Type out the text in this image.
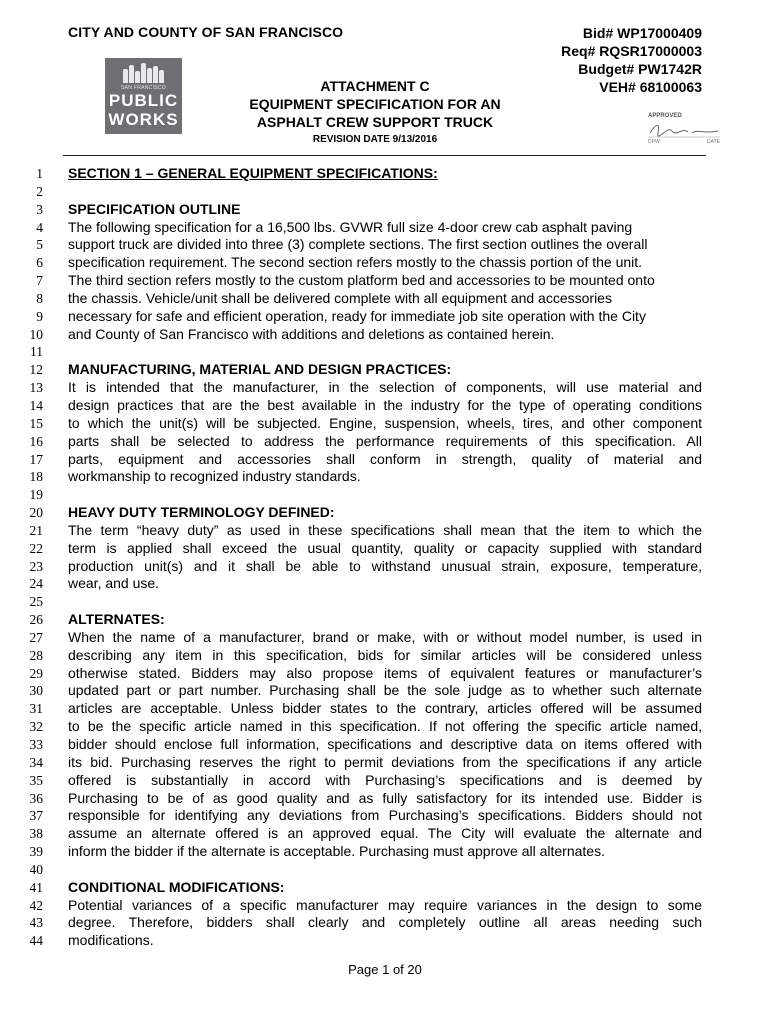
CITY AND COUNTY OF SAN FRANCISCO	Bid# WP17000409
Req# RQSR17000003
Budget# PW1742R
VEH# 68100063
SAN FRANCISCO
PUBLIC
WORKS
ATTACHMENT C
EQUIPMENT SPECIFICATION FOR AN
ASPHALT CREW SUPPORT TRUCK
REVISION DATE 9/13/2016
APPROVED
DPW	DATE
1
2
3
4
5
6
7
8
9
10
11
12
13
14
15
16
17
18
19
20
21
22
23
24
25
26
27
28
29
30
31
32
33
34
35
36
37
38
39
40
41
42
43
44
SECTION 1 – GENERAL EQUIPMENT SPECIFICATIONS:
SPECIFICATION OUTLINE
The following specification for a 16,500 lbs. GVWR full size 4-door crew cab asphalt paving
support truck are divided into three (3) complete sections. The first section outlines the overall
specification requirement. The second section refers mostly to the chassis portion of the unit.
The third section refers mostly to the custom platform bed and accessories to be mounted onto
the chassis. Vehicle/unit shall be delivered complete with all equipment and accessories
necessary for safe and efficient operation, ready for immediate job site operation with the City
and County of San Francisco with additions and deletions as contained herein.
MANUFACTURING, MATERIAL AND DESIGN PRACTICES:
It is intended that the manufacturer, in the selection of components, will use material and
design practices that are the best available in the industry for the type of operating conditions
to which the unit(s) will be subjected. Engine, suspension, wheels, tires, and other component
parts shall be selected to address the performance requirements of this specification. All
parts, equipment and accessories shall conform in strength, quality of material and
workmanship to recognized industry standards.
HEAVY DUTY TERMINOLOGY DEFINED:
The term “heavy duty” as used in these specifications shall mean that the item to which the
term is applied shall exceed the usual quantity, quality or capacity supplied with standard
production unit(s) and it shall be able to withstand unusual strain, exposure, temperature,
wear, and use.
ALTERNATES:
When the name of a manufacturer, brand or make, with or without model number, is used in
describing any item in this specification, bids for similar articles will be considered unless
otherwise stated. Bidders may also propose items of equivalent features or manufacturer’s
updated part or part number. Purchasing shall be the sole judge as to whether such alternate
articles are acceptable. Unless bidder states to the contrary, articles offered will be assumed
to be the specific article named in this specification. If not offering the specific article named,
bidder should enclose full information, specifications and descriptive data on items offered with
its bid. Purchasing reserves the right to permit deviations from the specifications if any article
offered is substantially in accord with Purchasing’s specifications and is deemed by
Purchasing to be of as good quality and as fully satisfactory for its intended use. Bidder is
responsible for identifying any deviations from Purchasing’s specifications. Bidders should not
assume an alternate offered is an approved equal. The City will evaluate the alternate and
inform the bidder if the alternate is acceptable. Purchasing must approve all alternates.
CONDITIONAL MODIFICATIONS:
Potential variances of a specific manufacturer may require variances in the design to some
degree. Therefore, bidders shall clearly and completely outline all areas needing such
modifications.
Page 1 of 20
